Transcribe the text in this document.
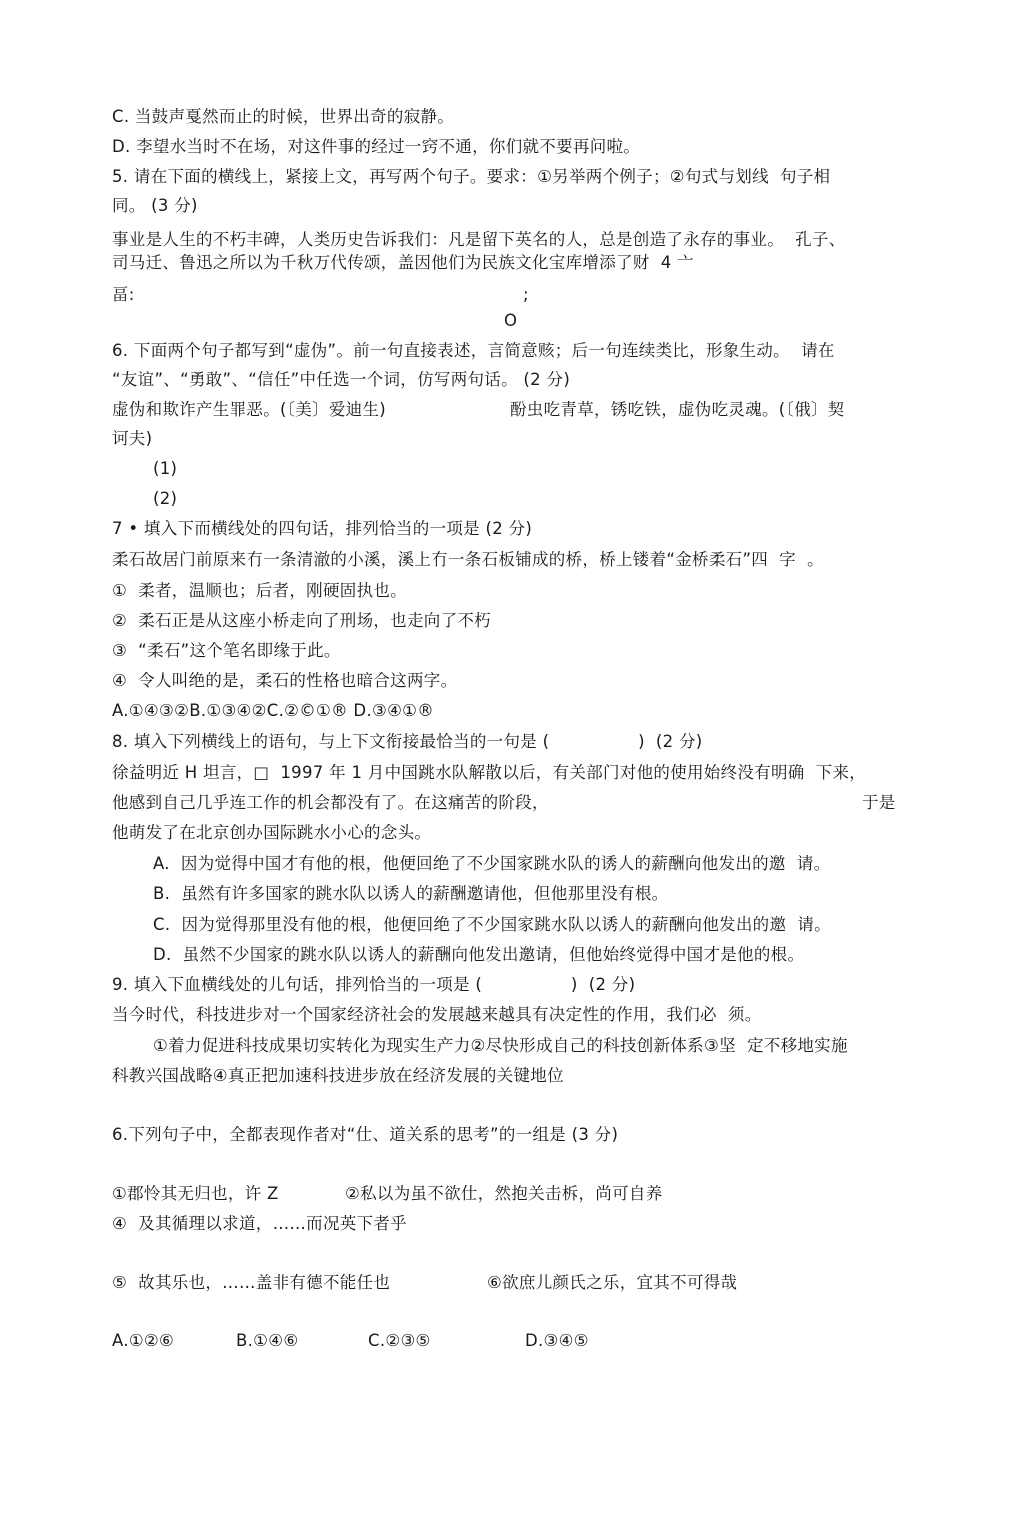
C. 当鼓声戛然而止的时候，世界出奇的寂静。
D. 李望水当时不在场，对这件事的经过一窍不通，你们就不要再问啦。
5. 请在下面的横线上，紧接上文，再写两个句子。要求：①另举两个例子；②句式与划线  句子相
同。 (3 分)
事业是人生的不朽丰碑，人类历史告诉我们：凡是留下英名的人，总是创造了永存的事业。  孔子、
司马迁、鲁迅之所以为千秋万代传颂，盖因他们为民族文化宝库增添了财  4 亠
畐:	;
O
6. 下面两个句子都写到“虚伪”。前一句直接表述，言简意赅；后一句连续类比，形象生动。  请在
“友谊”、“勇敢”、“信任”中任选一个词，仿写两句话。 (2 分)
虚伪和欺诈产生罪恶。(〔美〕爱迪生)	酚虫吃青草，锈吃铁，虚伪吃灵魂。(〔俄〕契
诃夫)
(1)
(2)
7 • 填入下而横线处的四句话，排列恰当的一项是 (2 分)
柔石故居门前原来冇一条清澈的小溪，溪上冇一条石板铺成的桥，桥上镂着“金桥柔石”四  字  。
①  柔者，温顺也；后者，刚硬固执也。
②  柔石正是从这座小桥走向了刑场，也走向了不朽
③  “柔石”这个笔名即缘于此。
④  令人叫绝的是，柔石的性格也暗合这两字。
A.①④③②B.①③④②C.②©①® D.③④①®
8. 填入下列横线上的语句，与上下文衔接最恰当的一句是 (                )  (2 分)
徐益明近 H 坦言，□  1997 年 1 月中国跳水队解散以后，有关部门对他的使用始终没有明确  下来，
他感到自己几乎连工作的机会都没有了。在这痛苦的阶段，	于是
他萌发了在北京创办国际跳水小心的念头。
A.  因为觉得中国才有他的根，他便回绝了不少国家跳水队的诱人的薪酬向他发出的邀  请。
B.  虽然有许多国家的跳水队以诱人的薪酬邀请他，但他那里没有根。
C.  因为觉得那里没有他的根，他便回绝了不少国家跳水队以诱人的薪酬向他发出的邀  请。
D.  虽然不少国家的跳水队以诱人的薪酬向他发出邀请，但他始终觉得中国才是他的根。
9. 填入下血横线处的儿句话，排列恰当的一项是 (                )  (2 分)
当今时代，科技进步对一个国家经济社会的发展越来越具有决定性的作用，我们必  须。
①着力促进科技成果切实转化为现实生产力②尽快形成自己的科技创新体系③坚  定不移地实施
科教兴国战略④真正把加速科技进步放在经济发展的关键地位
6.下列句子中，全都表现作者对“仕、道关系的思考”的一组是 (3 分)
①郡怜其无归也，许 Z	②私以为虽不欲仕，然抱关击柝，尚可自养
④  及其循理以求道，……而况英下者乎
⑤  故其乐也，……盖非有德不能任也	⑥欲庶儿颜氏之乐，宜其不可得哉
A.①②⑥	B.①④⑥	C.②③⑤	D.③④⑤
